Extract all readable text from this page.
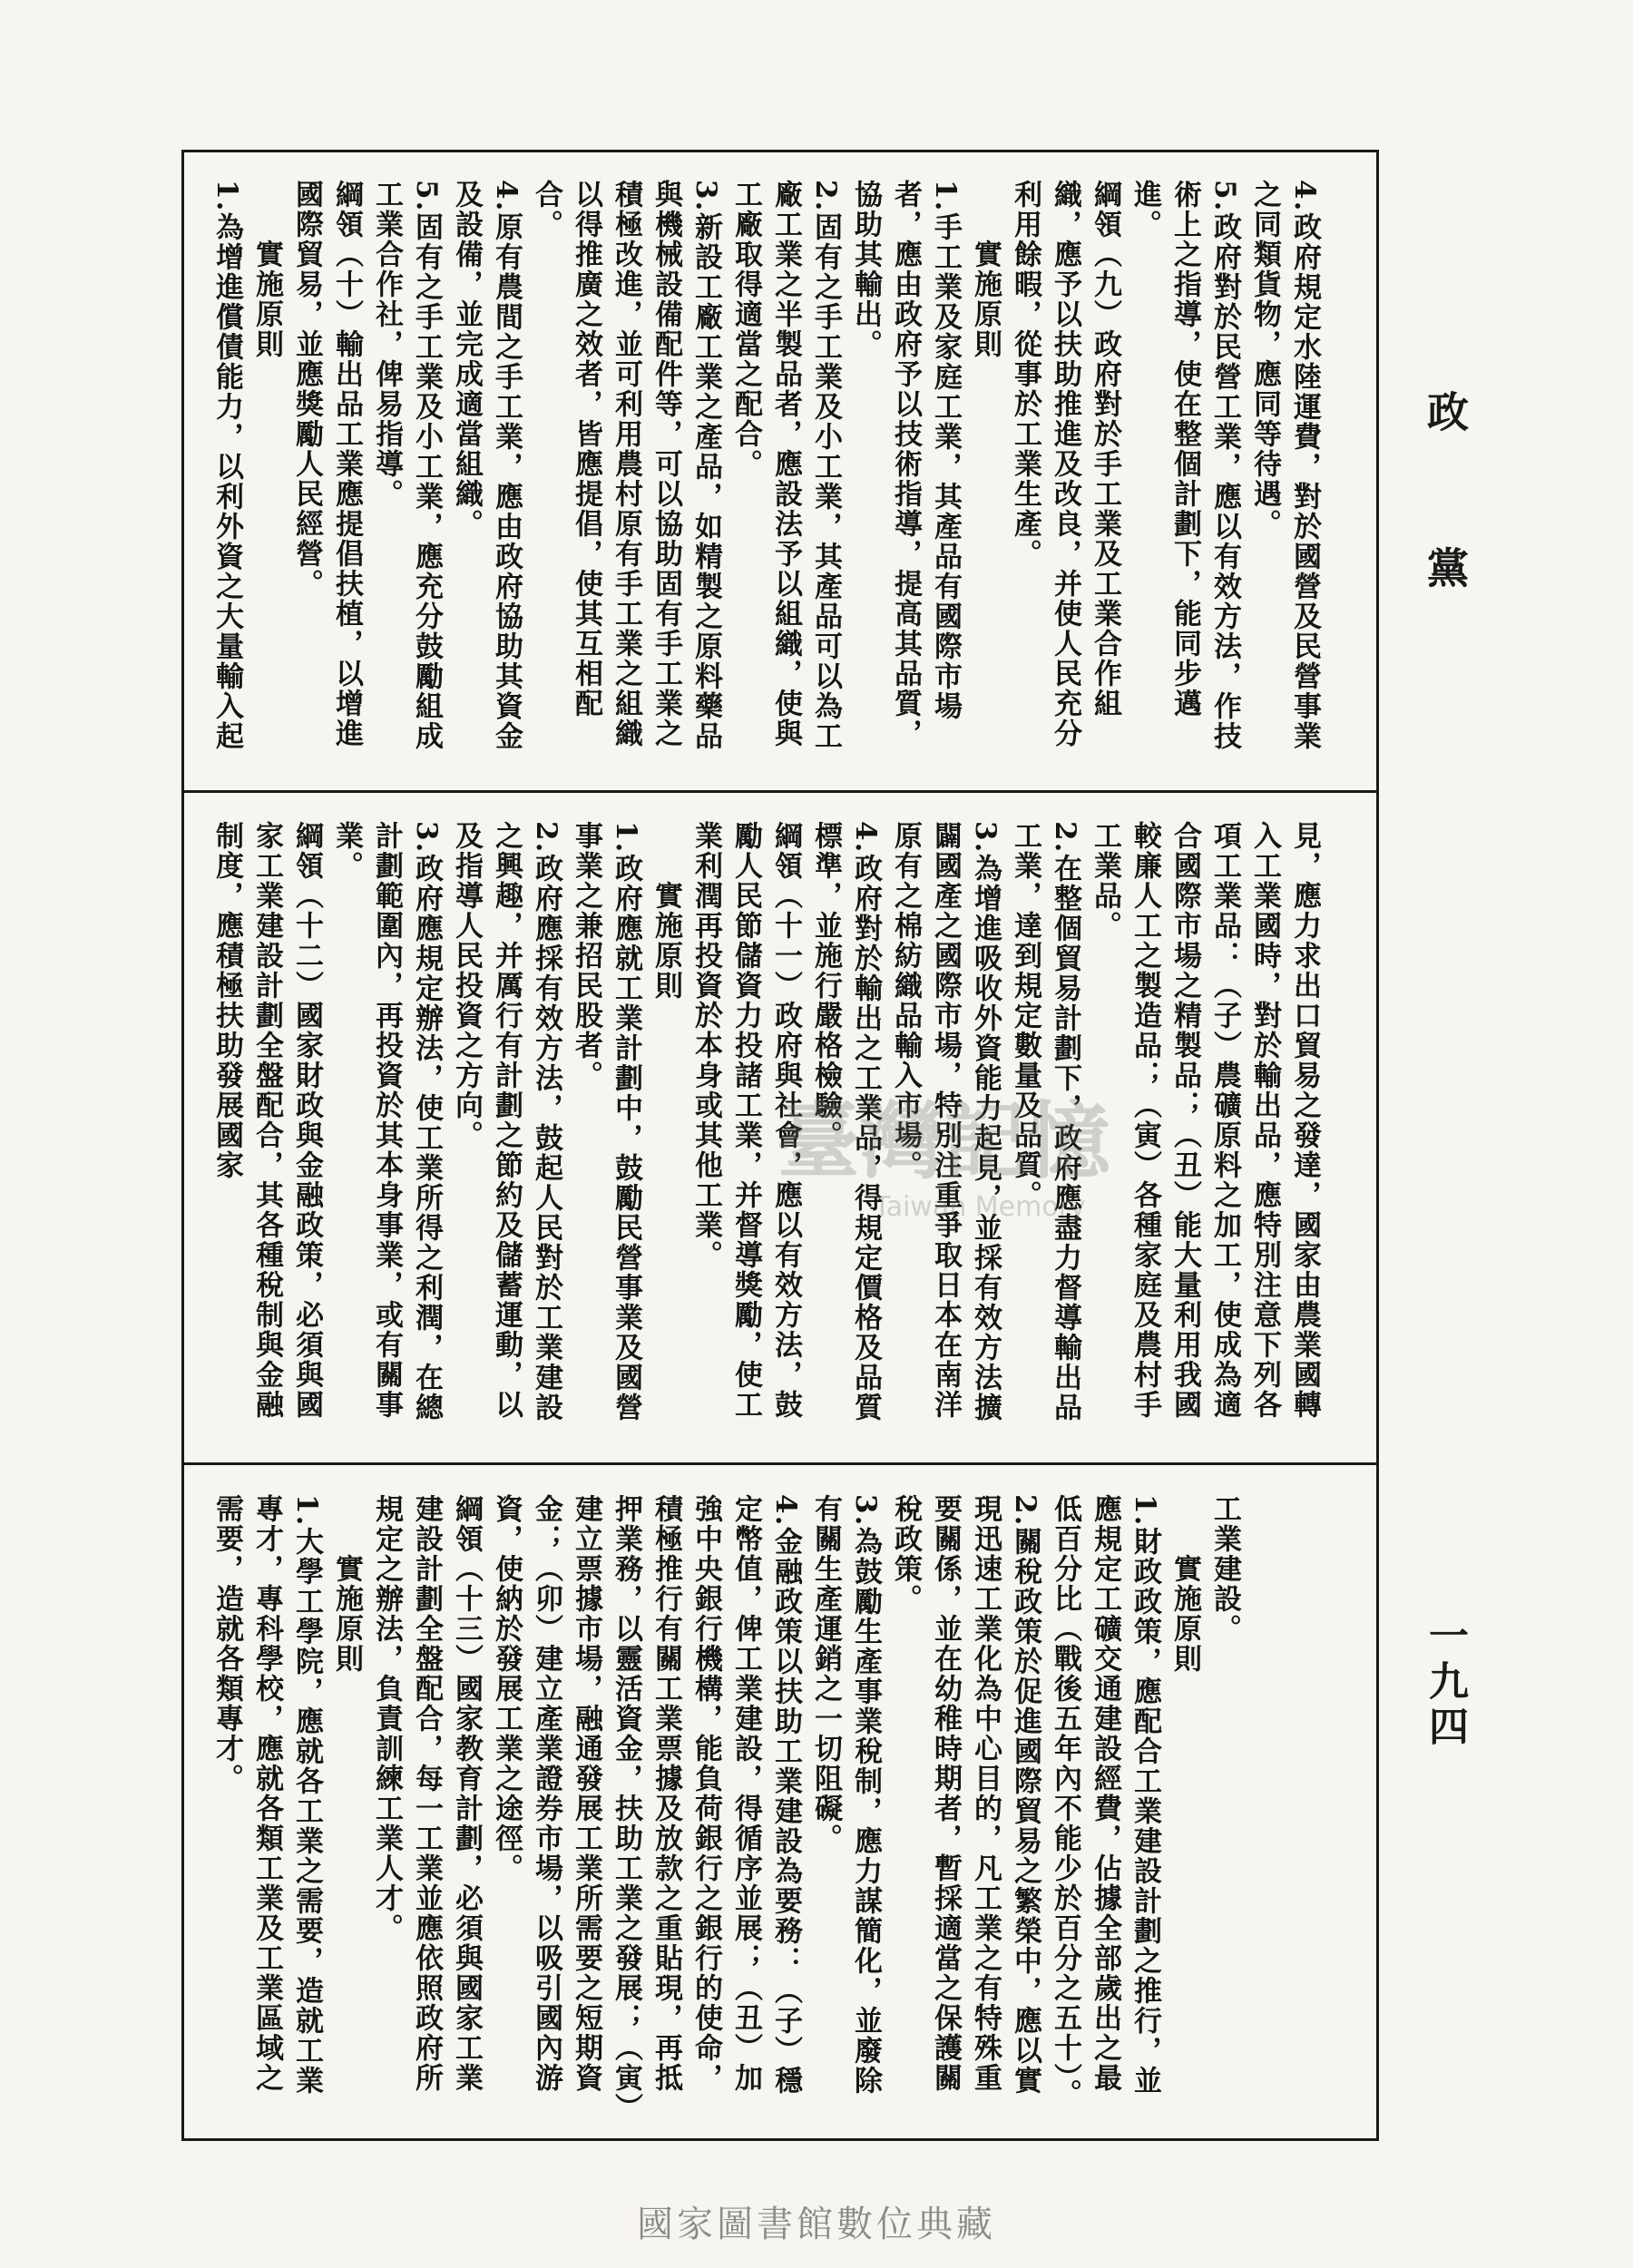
4.政府規定水陸運費，對於國營及民營事業之同類貨物，應同等待遇。
5.政府對於民營工業，應以有效方法，作技術上之指導，使在整個計劃下，能同步邁進。
綱領（九）政府對於手工業及工業合作組織，應予以扶助推進及改良，并使人民充分利用餘暇，從事於工業生產。
　　實施原則
1.手工業及家庭工業，其產品有國際市場者，應由政府予以技術指導，提高其品質，協助其輸出。
2.固有之手工業及小工業，其產品可以為工廠工業之半製品者，應設法予以組織，使與工廠取得適當之配合。
3.新設工廠工業之產品，如精製之原料藥品與機械設備配件等，可以協助固有手工業之積極改進，並可利用農村原有手工業之組織以得推廣之效者，皆應提倡，使其互相配合。
4.原有農間之手工業，應由政府協助其資金及設備，並完成適當組織。
5.固有之手工業及小工業，應充分鼓勵組成工業合作社，俾易指導。
綱領（十）輸出品工業應提倡扶植，以增進國際貿易，並應獎勵人民經營。
　　實施原則
1.為增進償債能力，以利外資之大量輸入起
見，應力求出口貿易之發達，國家由農業國轉入工業國時，對於輸出品，應特別注意下列各項工業品：（子）農礦原料之加工，使成為適合國際市場之精製品；（丑）能大量利用我國較廉人工之製造品；（寅）各種家庭及農村手工業品。
2.在整個貿易計劃下，政府應盡力督導輸出品工業，達到規定數量及品質。
3.為增進吸收外資能力起見，並採有效方法擴闢國產之國際市場，特別注重爭取日本在南洋原有之棉紡織品輸入市場。
4.政府對於輸出之工業品，得規定價格及品質標準，並施行嚴格檢驗。
綱領（十一）政府與社會，應以有效方法，鼓勵人民節儲資力投諸工業，并督導獎勵，使工業利潤再投資於本身或其他工業。
　　實施原則
1.政府應就工業計劃中，鼓勵民營事業及國營事業之兼招民股者。
2.政府應採有效方法，鼓起人民對於工業建設之興趣，并厲行有計劃之節約及儲蓄運動，以及指導人民投資之方向。
3.政府應規定辦法，使工業所得之利潤，在總計劃範圍內，再投資於其本身事業，或有關事業。
綱領（十二）國家財政與金融政策，必須與國家工業建設計劃全盤配合，其各種稅制與金融制度，應積極扶助發展國家
工業建設。
　　實施原則
1.財政政策，應配合工業建設計劃之推行，並應規定工礦交通建設經費，佔據全部歲出之最低百分比（戰後五年內不能少於百分之五十）。
2.關稅政策於促進國際貿易之繁榮中，應以實現迅速工業化為中心目的，凡工業之有特殊重要關係，並在幼稚時期者，暫採適當之保護關稅政策。
3.為鼓勵生產事業稅制，應力謀簡化，並廢除有關生產運銷之一切阻礙。
4.金融政策以扶助工業建設為要務：（子）穩定幣值，俾工業建設，得循序並展；（丑）加強中央銀行機構，能負荷銀行之銀行的使命，積極推行有關工業票據及放款之重貼現，再抵押業務，以靈活資金，扶助工業之發展；（寅）建立票據市場，融通發展工業所需要之短期資金；（卯）建立產業證券市場，以吸引國內游資，使納於發展工業之途徑。
綱領（十三）國家教育計劃，必須與國家工業建設計劃全盤配合，每一工業並應依照政府所規定之辦法，負責訓練工業人才。
　　實施原則
1.大學工學院，應就各工業之需要，造就工業專才，專科學校，應就各類工業及工業區域之需要，造就各類專才。
政　黨
一九四
臺灣記憶
Taiwan Memory
國家圖書館數位典藏
